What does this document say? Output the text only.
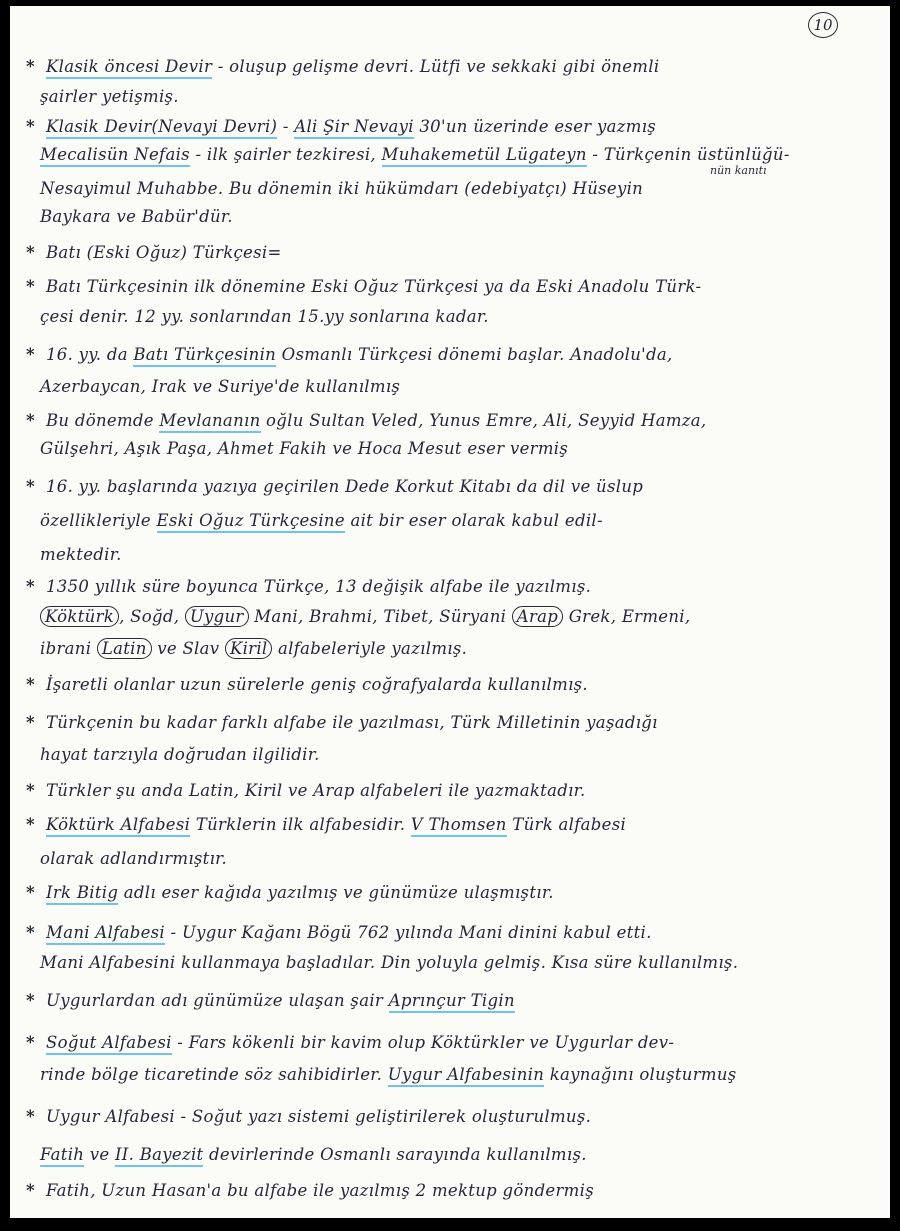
10
* Klasik öncesi Devir - oluşup gelişme devri. Lütfi ve sekkaki gibi önemli
şairler yetişmiş.
* Klasik Devir(Nevayi Devri) - Ali Şir Nevayi 30'un üzerinde eser yazmış
Mecalisün Nefais - ilk şairler tezkiresi, Muhakemetül Lügateyn - Türkçenin üstünlüğü-
nün kanıtı
Nesayimul Muhabbe. Bu dönemin iki hükümdarı (edebiyatçı) Hüseyin
Baykara ve Babür'dür.
* Batı (Eski Oğuz) Türkçesi=
* Batı Türkçesinin ilk dönemine Eski Oğuz Türkçesi ya da Eski Anadolu Türk-
çesi denir. 12 yy. sonlarından 15.yy sonlarına kadar.
* 16. yy. da Batı Türkçesinin Osmanlı Türkçesi dönemi başlar. Anadolu'da,
Azerbaycan, Irak ve Suriye'de kullanılmış
* Bu dönemde Mevlananın oğlu Sultan Veled, Yunus Emre, Ali, Seyyid Hamza,
Gülşehri, Aşık Paşa, Ahmet Fakih ve Hoca Mesut eser vermiş
* 16. yy. başlarında yazıya geçirilen Dede Korkut Kitabı da dil ve üslup
özellikleriyle Eski Oğuz Türkçesine ait bir eser olarak kabul edil-
mektedir.
* 1350 yıllık süre boyunca Türkçe, 13 değişik alfabe ile yazılmış.
Köktürk , Soğd, Uygur Mani, Brahmi, Tibet, Süryani Arap Grek, Ermeni,
ibrani Latin ve Slav Kiril alfabeleriyle yazılmış.
* İşaretli olanlar uzun sürelerle geniş coğrafyalarda kullanılmış.
* Türkçenin bu kadar farklı alfabe ile yazılması, Türk Milletinin yaşadığı
hayat tarzıyla doğrudan ilgilidir.
* Türkler şu anda Latin, Kiril ve Arap alfabeleri ile yazmaktadır.
* Köktürk Alfabesi Türklerin ilk alfabesidir. V Thomsen Türk alfabesi
olarak adlandırmıştır.
* Irk Bitig adlı eser kağıda yazılmış ve günümüze ulaşmıştır.
* Mani Alfabesi - Uygur Kağanı Bögü 762 yılında Mani dinini kabul etti.
Mani Alfabesini kullanmaya başladılar. Din yoluyla gelmiş. Kısa süre kullanılmış.
* Uygurlardan adı günümüze ulaşan şair Aprınçur Tigin
* Soğut Alfabesi - Fars kökenli bir kavim olup Köktürkler ve Uygurlar dev-
rinde bölge ticaretinde söz sahibidirler. Uygur Alfabesinin kaynağını oluşturmuş
* Uygur Alfabesi - Soğut yazı sistemi geliştirilerek oluşturulmuş.
Fatih ve II. Bayezit devirlerinde Osmanlı sarayında kullanılmış.
* Fatih, Uzun Hasan'a bu alfabe ile yazılmış 2 mektup göndermiş
